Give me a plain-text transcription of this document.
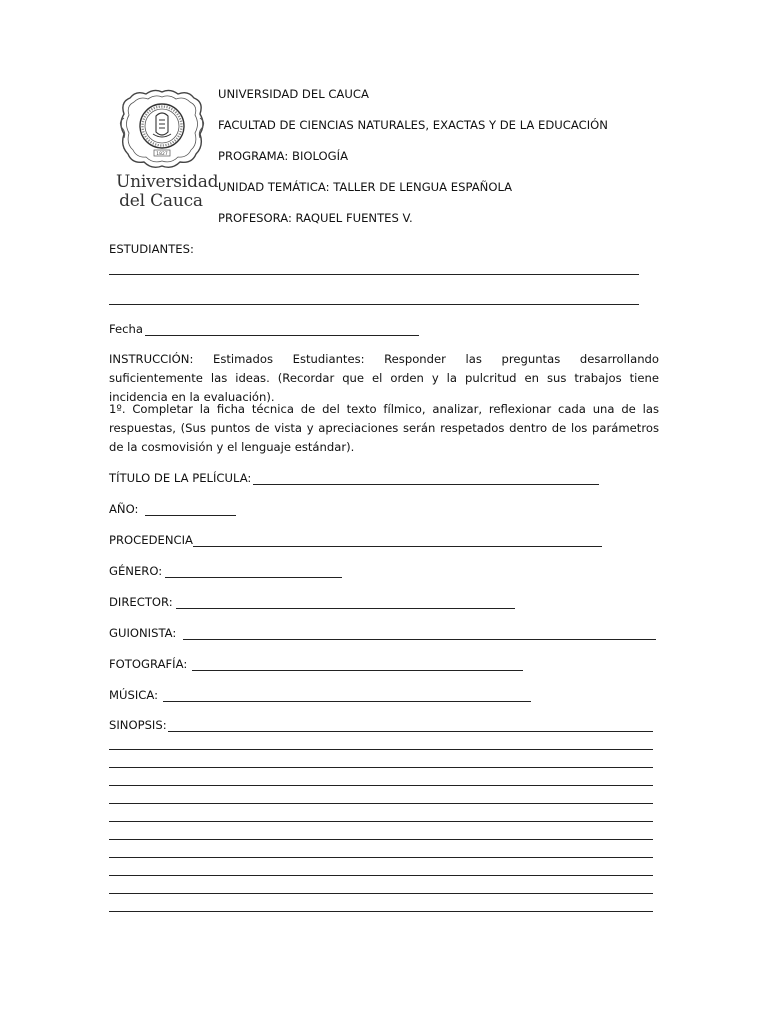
1827
Universidad
del Cauca
UNIVERSIDAD DEL CAUCA
FACULTAD DE CIENCIAS NATURALES, EXACTAS Y DE LA EDUCACIÓN
PROGRAMA: BIOLOGÍA
UNIDAD TEMÁTICA: TALLER DE LENGUA ESPAÑOLA
PROFESORA: RAQUEL FUENTES V.
ESTUDIANTES:
Fecha
INSTRUCCIÓN: Estimados Estudiantes: Responder las preguntas desarrollando suficientemente las ideas. (Recordar que el orden y la pulcritud en sus trabajos tiene incidencia en la evaluación).
1º. Completar la ficha técnica de del texto fílmico, analizar, reflexionar cada una de las respuestas, (Sus puntos de vista y apreciaciones serán respetados dentro de los parámetros de la cosmovisión y el lenguaje estándar).
TÍTULO DE LA PELÍCULA:
AÑO:
PROCEDENCIA
GÉNERO:
DIRECTOR:
GUIONISTA:
FOTOGRAFÍA:
MÚSICA:
SINOPSIS:
